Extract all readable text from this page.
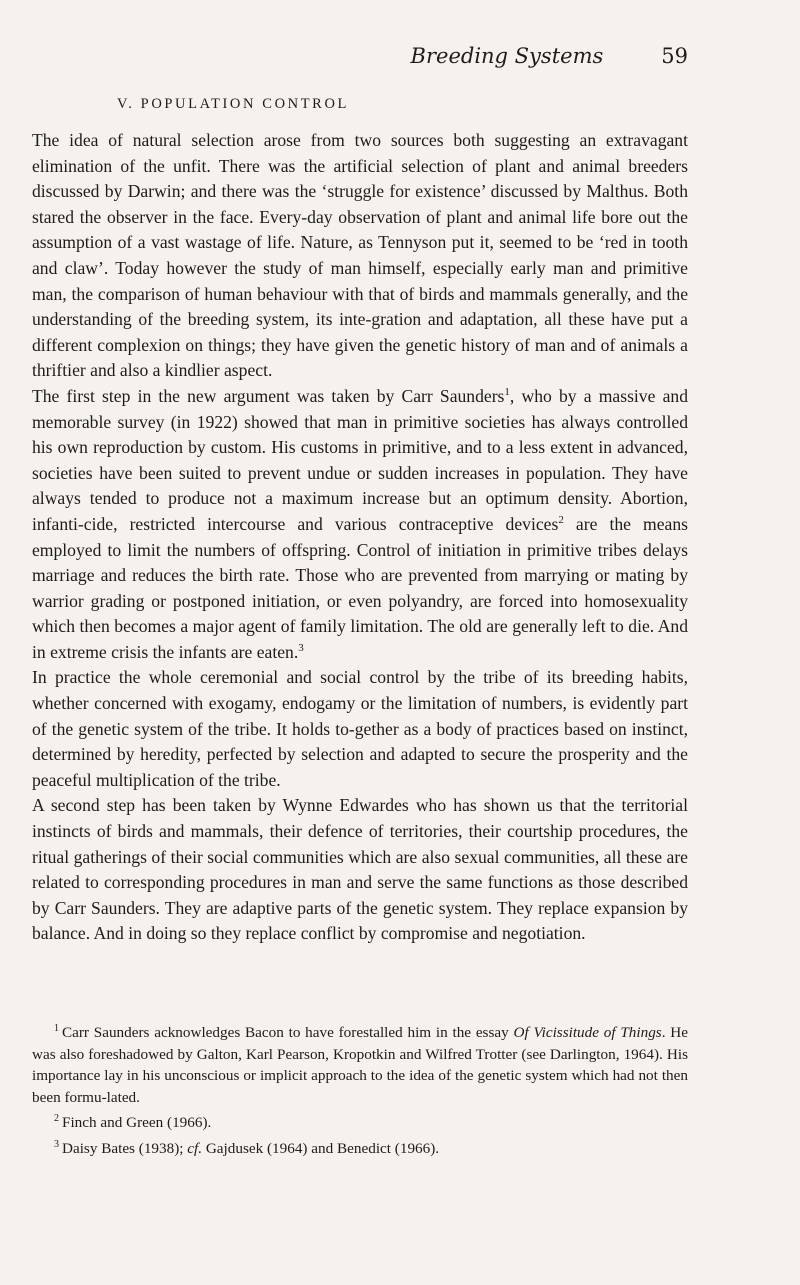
Breeding Systems	59
V. POPULATION CONTROL

The idea of natural selection arose from two sources both suggesting an extravagant elimination of the unfit. There was the artificial selection of plant and animal breeders discussed by Darwin; and there was the ‘struggle for existence’ discussed by Malthus. Both stared the observer in the face. Every-day observation of plant and animal life bore out the assumption of a vast wastage of life. Nature, as Tennyson put it, seemed to be ‘red in tooth and claw’. Today however the study of man himself, especially early man and primitive man, the comparison of human behaviour with that of birds and mammals generally, and the understanding of the breeding system, its inte-gration and adaptation, all these have put a different complexion on things; they have given the genetic history of man and of animals a thriftier and also a kindlier aspect.

The first step in the new argument was taken by Carr Saunders$^1$, who by a massive and memorable survey (in 1922) showed that man in primitive societies has always controlled his own reproduction by custom. His customs in primitive, and to a less extent in advanced, societies have been suited to prevent undue or sudden increases in population. They have always tended to produce not a maximum increase but an optimum density. Abortion, infanti-cide, restricted intercourse and various contraceptive devices$^2$ are the means employed to limit the numbers of offspring. Control of initiation in primitive tribes delays marriage and reduces the birth rate. Those who are prevented from marrying or mating by warrior grading or postponed initiation, or even polyandry, are forced into homosexuality which then becomes a major agent of family limitation. The old are generally left to die. And in extreme crisis the infants are eaten.$^3$

In practice the whole ceremonial and social control by the tribe of its breeding habits, whether concerned with exogamy, endogamy or the limitation of numbers, is evidently part of the genetic system of the tribe. It holds to-gether as a body of practices based on instinct, determined by heredity, perfected by selection and adapted to secure the prosperity and the peaceful multiplication of the tribe.

A second step has been taken by Wynne Edwardes who has shown us that the territorial instincts of birds and mammals, their defence of territories, their courtship procedures, the ritual gatherings of their social communities which are also sexual communities, all these are related to corresponding procedures in man and serve the same functions as those described by Carr Saunders. They are adaptive parts of the genetic system. They replace expansion by balance. And in doing so they replace conflict by compromise and negotiation.

$^1$ Carr Saunders acknowledges Bacon to have forestalled him in the essay Of Vicissitude of Things. He was also foreshadowed by Galton, Karl Pearson, Kropotkin and Wilfred Trotter (see Darlington, 1964). His importance lay in his unconscious or implicit approach to the idea of the genetic system which had not then been formu-lated.

$^2$ Finch and Green (1966).

$^3$ Daisy Bates (1938); cf. Gajdusek (1964) and Benedict (1966).
